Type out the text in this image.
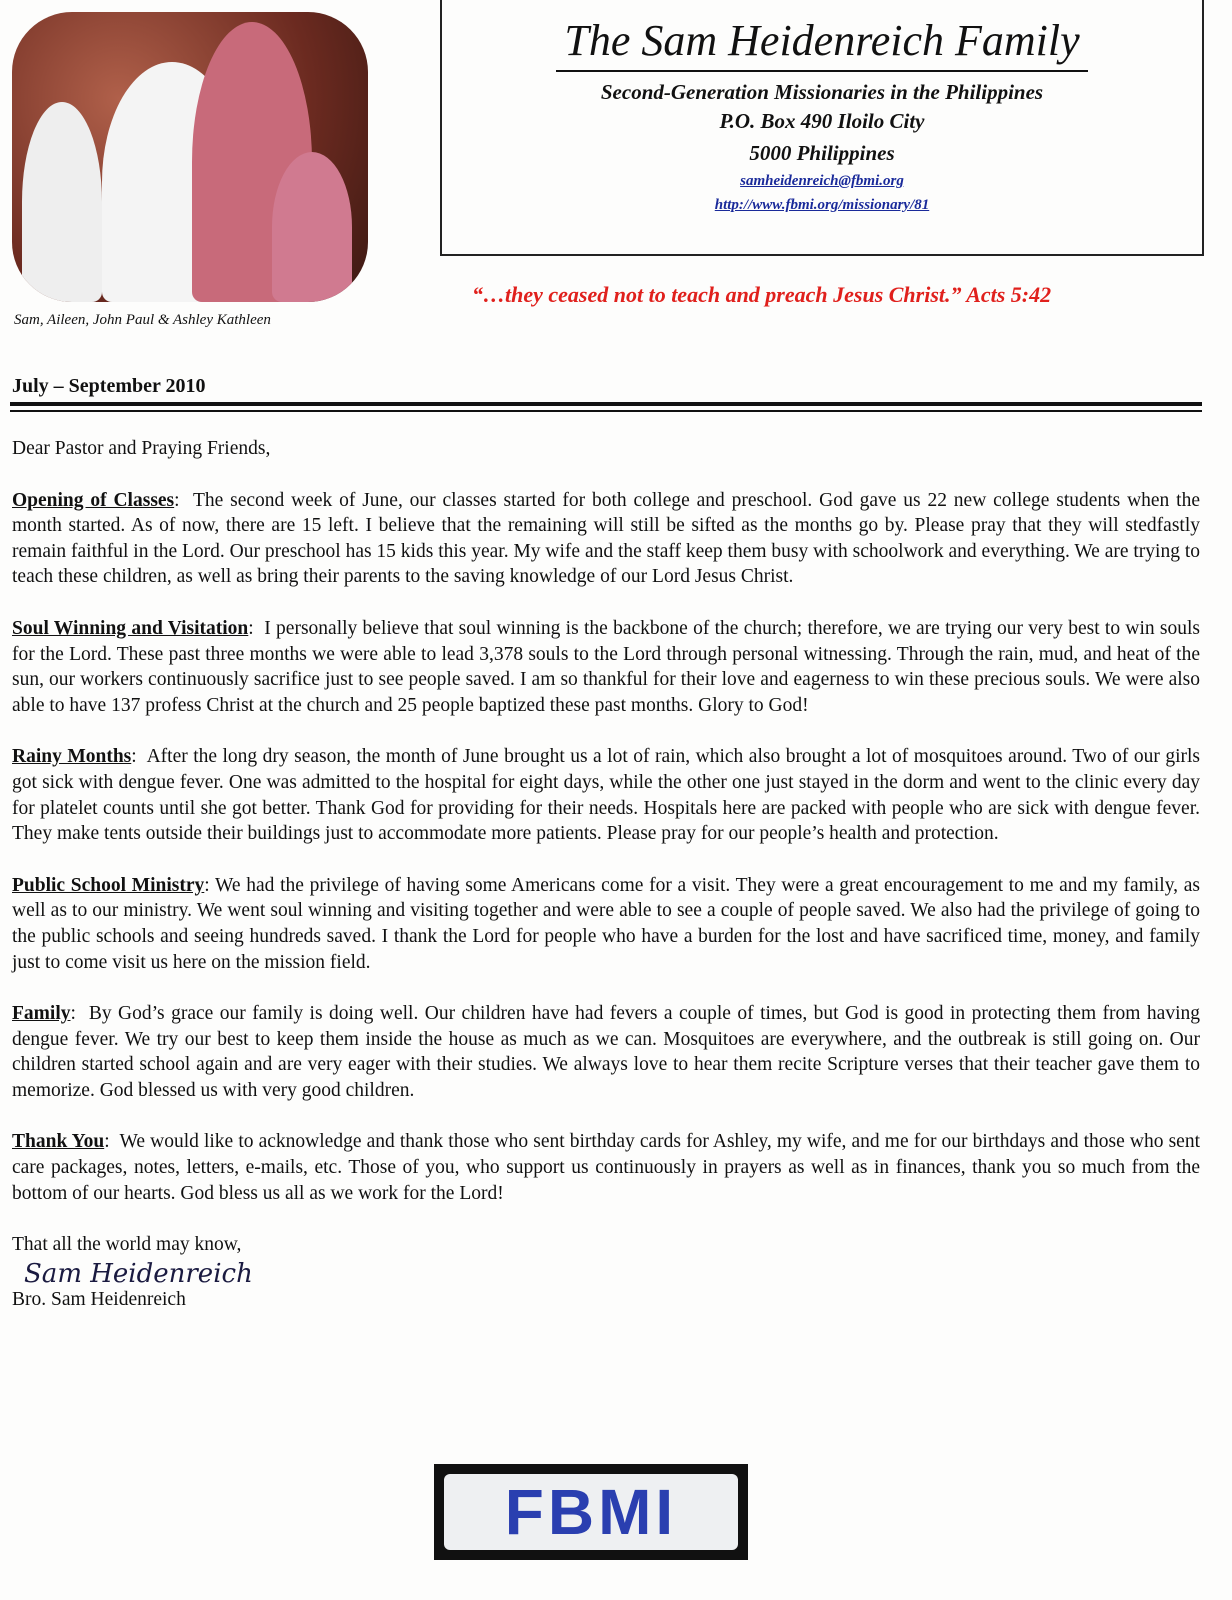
Sam, Aileen, John Paul & Ashley Kathleen
The Sam Heidenreich Family
Second-Generation Missionaries in the Philippines
P.O. Box 490 Iloilo City
5000 Philippines
samheidenreich@fbmi.org
http://www.fbmi.org/missionary/81
“…they ceased not to teach and preach Jesus Christ.” Acts 5:42
July – September 2010

Dear Pastor and Praying Friends,

Opening of Classes:  The second week of June, our classes started for both college and preschool. God gave us 22 new college students when the month started. As of now, there are 15 left. I believe that the remaining will still be sifted as the months go by. Please pray that they will stedfastly remain faithful in the Lord. Our preschool has 15 kids this year. My wife and the staff keep them busy with schoolwork and everything. We are trying to teach these children, as well as bring their parents to the saving knowledge of our Lord Jesus Christ.

Soul Winning and Visitation:  I personally believe that soul winning is the backbone of the church; therefore, we are trying our very best to win souls for the Lord. These past three months we were able to lead 3,378 souls to the Lord through personal witnessing. Through the rain, mud, and heat of the sun, our workers continuously sacrifice just to see people saved. I am so thankful for their love and eagerness to win these precious souls. We were also able to have 137 profess Christ at the church and 25 people baptized these past months. Glory to God!

Rainy Months:  After the long dry season, the month of June brought us a lot of rain, which also brought a lot of mosquitoes around. Two of our girls got sick with dengue fever. One was admitted to the hospital for eight days, while the other one just stayed in the dorm and went to the clinic every day for platelet counts until she got better. Thank God for providing for their needs. Hospitals here are packed with people who are sick with dengue fever. They make tents outside their buildings just to accommodate more patients. Please pray for our people’s health and protection.

Public School Ministry: We had the privilege of having some Americans come for a visit. They were a great encouragement to me and my family, as well as to our ministry. We went soul winning and visiting together and were able to see a couple of people saved. We also had the privilege of going to the public schools and seeing hundreds saved. I thank the Lord for people who have a burden for the lost and have sacrificed time, money, and family just to come visit us here on the mission field.

Family:  By God’s grace our family is doing well. Our children have had fevers a couple of times, but God is good in protecting them from having dengue fever. We try our best to keep them inside the house as much as we can. Mosquitoes are everywhere, and the outbreak is still going on. Our children started school again and are very eager with their studies. We always love to hear them recite Scripture verses that their teacher gave them to memorize. God blessed us with very good children.

Thank You:  We would like to acknowledge and thank those who sent birthday cards for Ashley, my wife, and me for our birthdays and those who sent care packages, notes, letters, e-mails, etc. Those of you, who support us continuously in prayers as well as in finances, thank you so much from the bottom of our hearts. God bless us all as we work for the Lord!

That all the world may know,
Sam Heidenreich
Bro. Sam Heidenreich
FBMI
